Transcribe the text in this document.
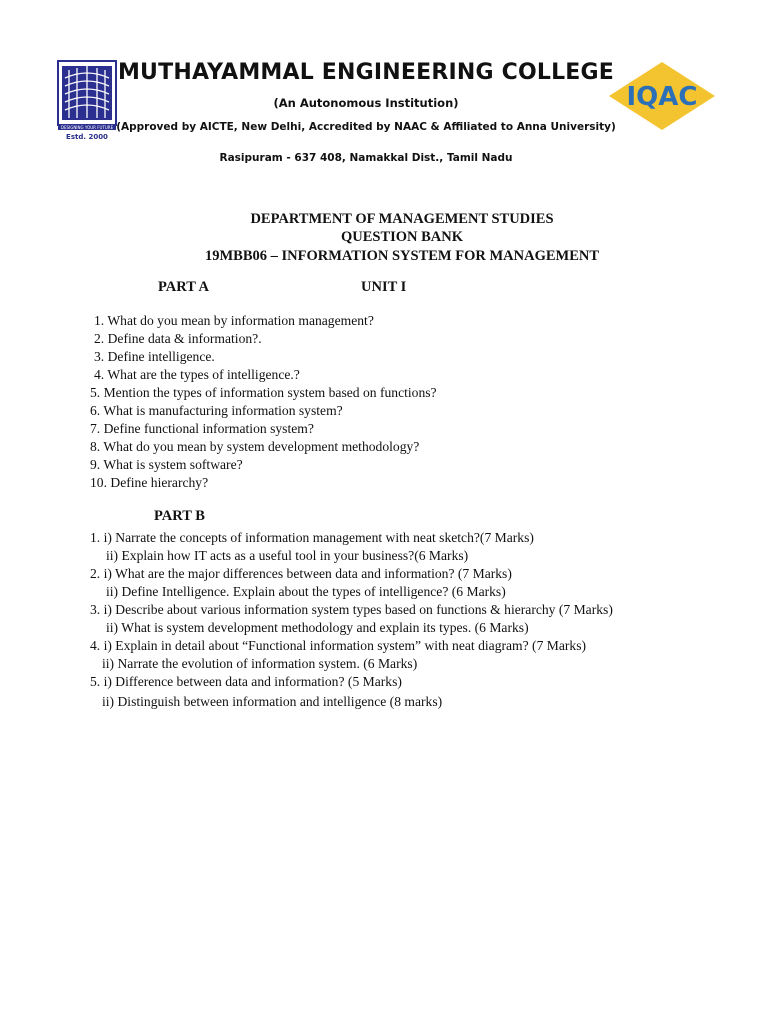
DESIGNING YOUR FUTURE
Estd. 2000
IQAC
MUTHAYAMMAL ENGINEERING COLLEGE
(An Autonomous Institution)
(Approved by AICTE, New Delhi, Accredited by NAAC & Affiliated to Anna University)
Rasipuram - 637 408, Namakkal Dist., Tamil Nadu
DEPARTMENT OF MANAGEMENT STUDIES
QUESTION BANK
19MBB06 – INFORMATION SYSTEM FOR MANAGEMENT
PART A	UNIT I
1. What do you mean by information management?
2. Define data & information?.
3. Define intelligence.
4. What are the types of intelligence.?
5. Mention the types of information system based on functions?
6. What is manufacturing information system?
7. Define functional information system?
8. What do you mean by system development methodology?
9. What is system software?
10. Define hierarchy?
PART B
1. i) Narrate the concepts of information management with neat sketch?(7 Marks)
ii) Explain how IT acts as a useful tool in your business?(6 Marks)
2. i) What are the major differences between data and information? (7 Marks)
ii) Define Intelligence. Explain about the types of intelligence? (6 Marks)
3. i) Describe about various information system types based on functions & hierarchy (7 Marks)
ii) What is system development methodology and explain its types. (6 Marks)
4. i) Explain in detail about “Functional information system” with neat diagram? (7 Marks)
ii) Narrate the evolution of information system. (6 Marks)
5. i) Difference between data and information? (5 Marks)
ii) Distinguish between information and intelligence (8 marks)
